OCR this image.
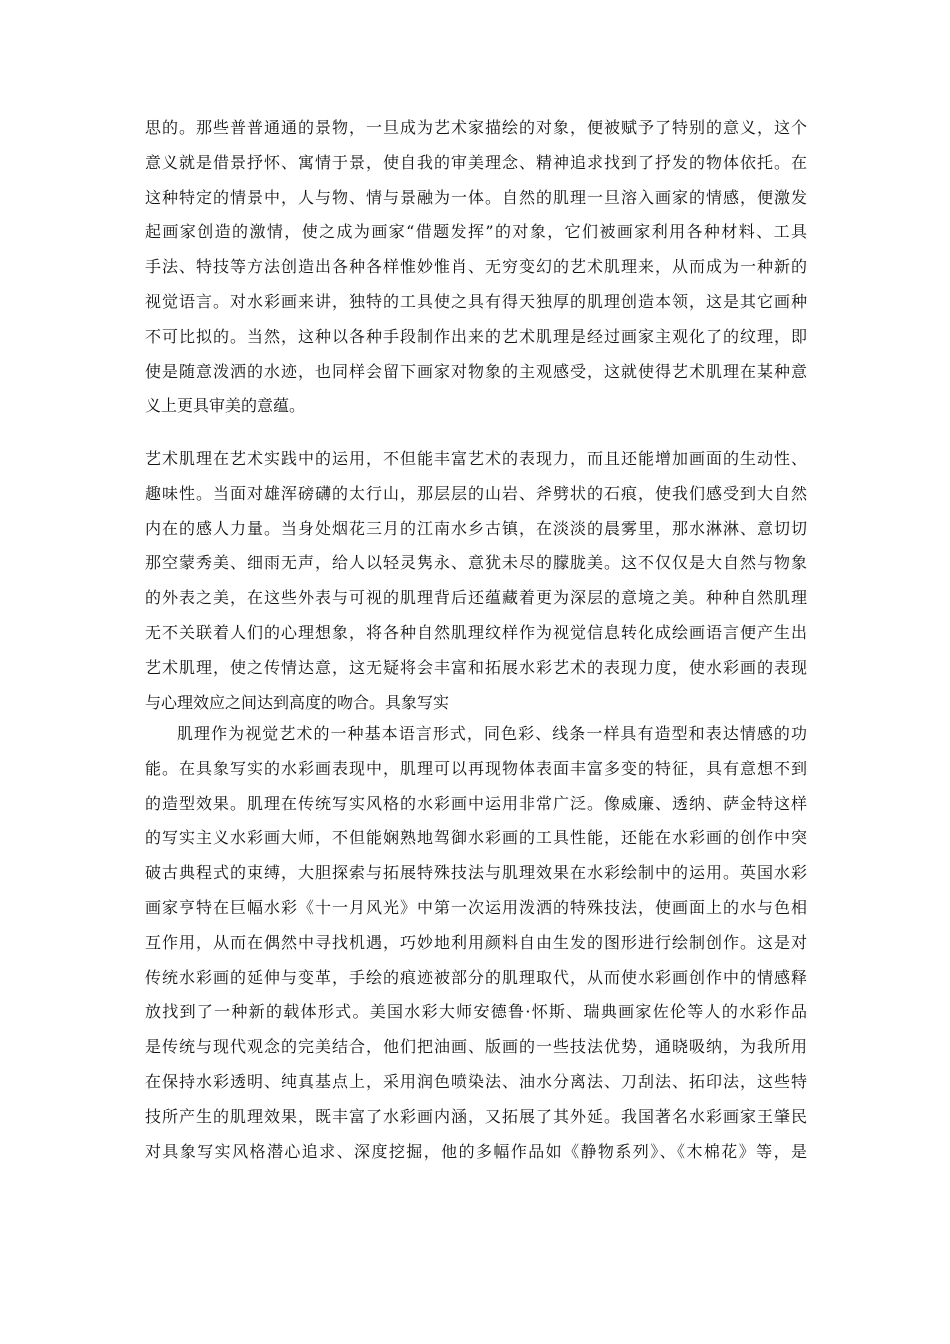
思的。那些普普通通的景物，一旦成为艺术家描绘的对象，便被赋予了特别的意义，这个
意义就是借景抒怀、寓情于景，使自我的审美理念、精神追求找到了抒发的物体依托。在
这种特定的情景中，人与物、情与景融为一体。自然的肌理一旦溶入画家的情感，便激发
起画家创造的激情，使之成为画家“借题发挥”的对象，它们被画家利用各种材料、工具
手法、特技等方法创造出各种各样惟妙惟肖、无穷变幻的艺术肌理来，从而成为一种新的
视觉语言。对水彩画来讲，独特的工具使之具有得天独厚的肌理创造本领，这是其它画种
不可比拟的。当然，这种以各种手段制作出来的艺术肌理是经过画家主观化了的纹理，即
使是随意泼洒的水迹，也同样会留下画家对物象的主观感受，这就使得艺术肌理在某种意
义上更具审美的意蕴。
艺术肌理在艺术实践中的运用，不但能丰富艺术的表现力，而且还能增加画面的生动性、
趣味性。当面对雄浑磅礴的太行山，那层层的山岩、斧劈状的石痕，使我们感受到大自然
内在的感人力量。当身处烟花三月的江南水乡古镇，在淡淡的晨雾里，那水淋淋、意切切
那空蒙秀美、细雨无声，给人以轻灵隽永、意犹未尽的朦胧美。这不仅仅是大自然与物象
的外表之美，在这些外表与可视的肌理背后还蕴藏着更为深层的意境之美。种种自然肌理
无不关联着人们的心理想象，将各种自然肌理纹样作为视觉信息转化成绘画语言便产生出
艺术肌理，使之传情达意，这无疑将会丰富和拓展水彩艺术的表现力度，使水彩画的表现
与心理效应之间达到高度的吻合。具象写实
肌理作为视觉艺术的一种基本语言形式，同色彩、线条一样具有造型和表达情感的功
能。在具象写实的水彩画表现中，肌理可以再现物体表面丰富多变的特征，具有意想不到
的造型效果。肌理在传统写实风格的水彩画中运用非常广泛。像威廉、透纳、萨金特这样
的写实主义水彩画大师，不但能娴熟地驾御水彩画的工具性能，还能在水彩画的创作中突
破古典程式的束缚，大胆探索与拓展特殊技法与肌理效果在水彩绘制中的运用。英国水彩
画家亨特在巨幅水彩《十一月风光》中第一次运用泼洒的特殊技法，使画面上的水与色相
互作用，从而在偶然中寻找机遇，巧妙地利用颜料自由生发的图形进行绘制创作。这是对
传统水彩画的延伸与变革，手绘的痕迹被部分的肌理取代，从而使水彩画创作中的情感释
放找到了一种新的载体形式。美国水彩大师安德鲁·怀斯、瑞典画家佐伦等人的水彩作品
是传统与现代观念的完美结合，他们把油画、版画的一些技法优势，通晓吸纳，为我所用
在保持水彩透明、纯真基点上，采用润色喷染法、油水分离法、刀刮法、拓印法，这些特
技所产生的肌理效果，既丰富了水彩画内涵，又拓展了其外延。我国著名水彩画家王肇民
对具象写实风格潜心追求、深度挖掘，他的多幅作品如《静物系列》、《木棉花》等，是
